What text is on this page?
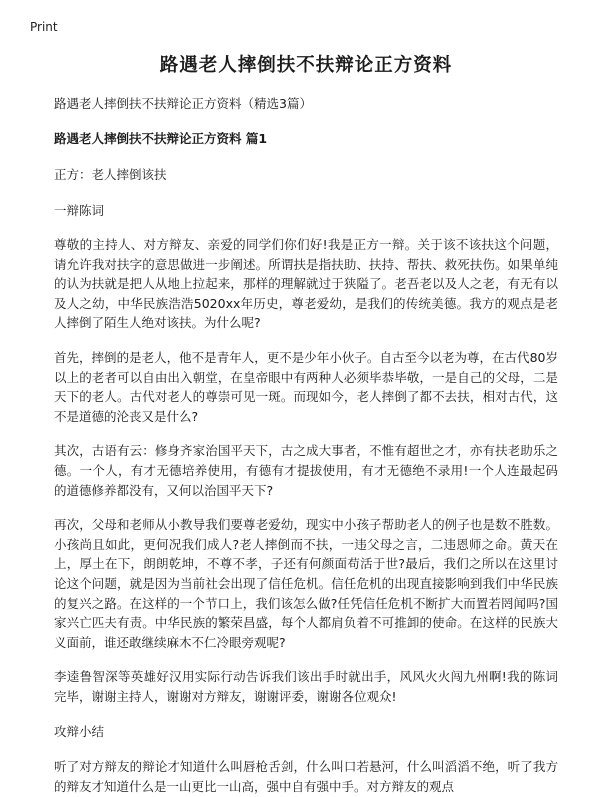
Print
路遇老人摔倒扶不扶辩论正方资料

路遇老人摔倒扶不扶辩论正方资料（精选3篇）

路遇老人摔倒扶不扶辩论正方资料 篇1

正方：老人摔倒该扶

一辩陈词

尊敬的主持人、对方辩友、亲爱的同学们你们好!我是正方一辩。关于该不该扶这个问题，请允许我对扶字的意思做进一步阐述。所谓扶是指扶助、扶持、帮扶、救死扶伤。如果单纯的认为扶就是把人从地上拉起来，那样的理解就过于狭隘了。老吾老以及人之老，有无有以及人之幼，中华民族浩浩5020xx年历史，尊老爱幼，是我们的传统美德。我方的观点是老人摔倒了陌生人绝对该扶。为什么呢?

首先，摔倒的是老人，他不是青年人，更不是少年小伙子。自古至今以老为尊，在古代80岁以上的老者可以自由出入朝堂，在皇帝眼中有两种人必须毕恭毕敬，一是自己的父母，二是天下的老人。古代对老人的尊崇可见一斑。而现如今，老人摔倒了都不去扶，相对古代，这不是道德的沦丧又是什么?

其次，古语有云：修身齐家治国平天下，古之成大事者，不惟有超世之才，亦有扶老助乐之德。一个人，有才无德培养使用，有德有才提拔使用，有才无德绝不录用!一个人连最起码的道德修养都没有，又何以治国平天下?

再次，父母和老师从小教导我们要尊老爱幼，现实中小孩子帮助老人的例子也是数不胜数。小孩尚且如此，更何况我们成人?老人摔倒而不扶，一违父母之言，二违恩师之命。黄天在上，厚土在下，朗朗乾坤，不尊不孝，子还有何颜面苟活于世?最后，我们之所以在这里讨论这个问题，就是因为当前社会出现了信任危机。信任危机的出现直接影响到我们中华民族的复兴之路。在这样的一个节口上，我们该怎么做?任凭信任危机不断扩大而置若罔闻吗?国家兴亡匹夫有责。中华民族的繁荣昌盛，每个人都肩负着不可推卸的使命。在这样的民族大义面前，谁还敢继续麻木不仁冷眼旁观呢?

李逵鲁智深等英雄好汉用实际行动告诉我们该出手时就出手，风风火火闯九州啊!我的陈词完毕，谢谢主持人，谢谢对方辩友，谢谢评委，谢谢各位观众!

攻辩小结

听了对方辩友的辩论才知道什么叫唇枪舌剑，什么叫口若悬河，什么叫滔滔不绝，听了我方的辩友才知道什么是一山更比一山高，强中自有强中手。对方辩友的观点
